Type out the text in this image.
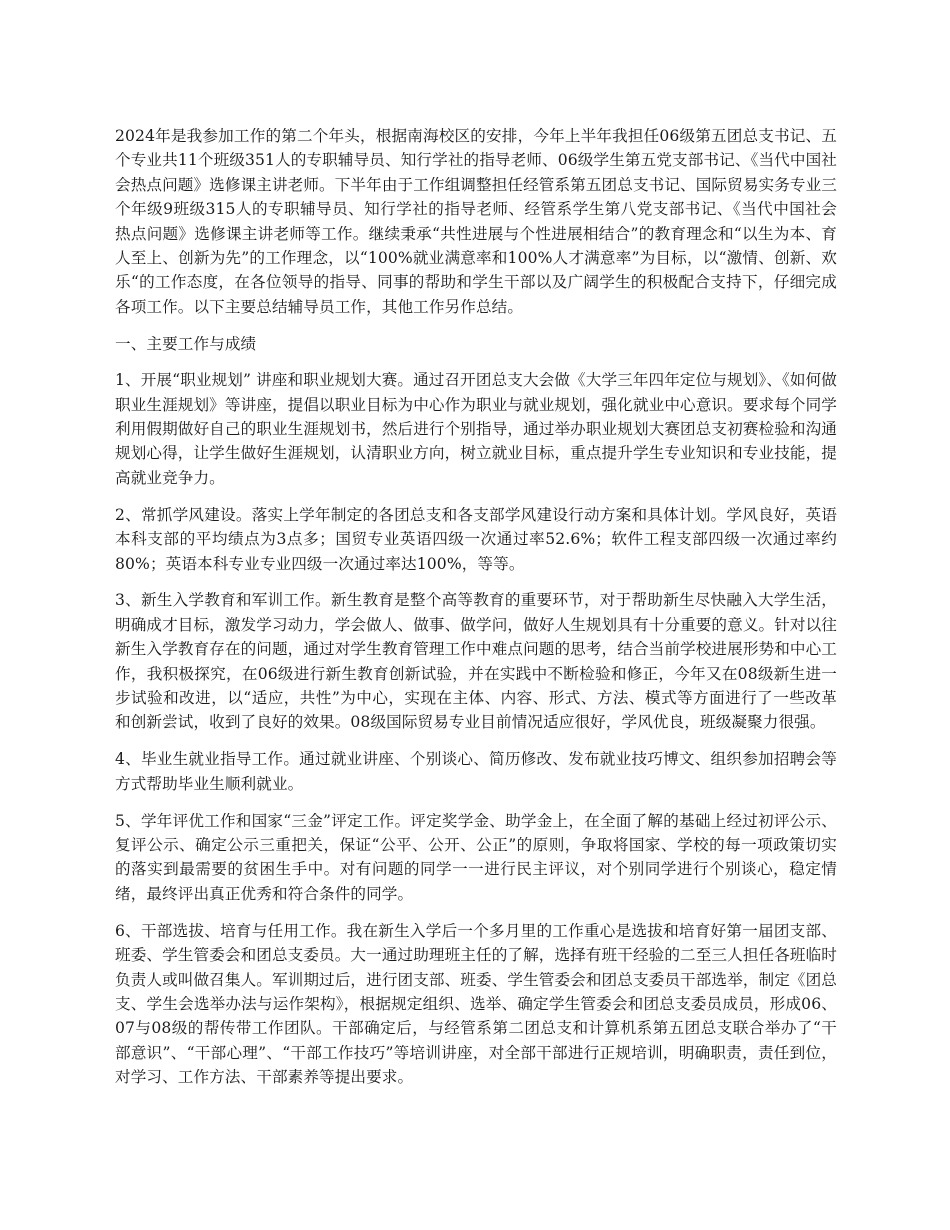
2024年是我参加工作的第二个年头，根据南海校区的安排，今年上半年我担任06级第五团总支书记、五个专业共11个班级351人的专职辅导员、知行学社的指导老师、06级学生第五党支部书记、《当代中国社会热点问题》选修课主讲老师。下半年由于工作组调整担任经管系第五团总支书记、国际贸易实务专业三个年级9班级315人的专职辅导员、知行学社的指导老师、经管系学生第八党支部书记、《当代中国社会热点问题》选修课主讲老师等工作。继续秉承“共性进展与个性进展相结合”的教育理念和“以生为本、育人至上、创新为先”的工作理念，以“100%就业满意率和100%人才满意率”为目标，以“激情、创新、欢乐“的工作态度，在各位领导的指导、同事的帮助和学生干部以及广阔学生的积极配合支持下，仔细完成各项工作。以下主要总结辅导员工作，其他工作另作总结。

一、主要工作与成绩

1、开展“职业规划” 讲座和职业规划大赛。通过召开团总支大会做《大学三年四年定位与规划》、《如何做职业生涯规划》等讲座，提倡以职业目标为中心作为职业与就业规划，强化就业中心意识。要求每个同学利用假期做好自己的职业生涯规划书，然后进行个别指导，通过举办职业规划大赛团总支初赛检验和沟通规划心得，让学生做好生涯规划，认清职业方向，树立就业目标，重点提升学生专业知识和专业技能，提高就业竞争力。

2、常抓学风建设。落实上学年制定的各团总支和各支部学风建设行动方案和具体计划。学风良好，英语本科支部的平均绩点为3点多；国贸专业英语四级一次通过率52.6%；软件工程支部四级一次通过率约80%；英语本科专业专业四级一次通过率达100%，等等。

3、新生入学教育和军训工作。新生教育是整个高等教育的重要环节，对于帮助新生尽快融入大学生活，明确成才目标，激发学习动力，学会做人、做事、做学问，做好人生规划具有十分重要的意义。针对以往新生入学教育存在的问题，通过对学生教育管理工作中难点问题的思考，结合当前学校进展形势和中心工作，我积极探究，在06级进行新生教育创新试验，并在实践中不断检验和修正，今年又在08级新生进一步试验和改进，以“适应，共性”为中心，实现在主体、内容、形式、方法、模式等方面进行了一些改革和创新尝试，收到了良好的效果。08级国际贸易专业目前情况适应很好，学风优良，班级凝聚力很强。

4、毕业生就业指导工作。通过就业讲座、个别谈心、简历修改、发布就业技巧博文、组织参加招聘会等方式帮助毕业生顺利就业。

5、学年评优工作和国家“三金”评定工作。评定奖学金、助学金上，在全面了解的基础上经过初评公示、复评公示、确定公示三重把关，保证“公平、公开、公正”的原则，争取将国家、学校的每一项政策切实的落实到最需要的贫困生手中。对有问题的同学一一进行民主评议，对个别同学进行个别谈心，稳定情绪，最终评出真正优秀和符合条件的同学。

6、干部选拔、培育与任用工作。我在新生入学后一个多月里的工作重心是选拔和培育好第一届团支部、班委、学生管委会和团总支委员。大一通过助理班主任的了解，选择有班干经验的二至三人担任各班临时负责人或叫做召集人。军训期过后，进行团支部、班委、学生管委会和团总支委员干部选举，制定《团总支、学生会选举办法与运作架构》，根据规定组织、选举、确定学生管委会和团总支委员成员，形成06、07与08级的帮传带工作团队。干部确定后，与经管系第二团总支和计算机系第五团总支联合举办了“干部意识”、“干部心理”、“干部工作技巧”等培训讲座，对全部干部进行正规培训，明确职责，责任到位，对学习、工作方法、干部素养等提出要求。
